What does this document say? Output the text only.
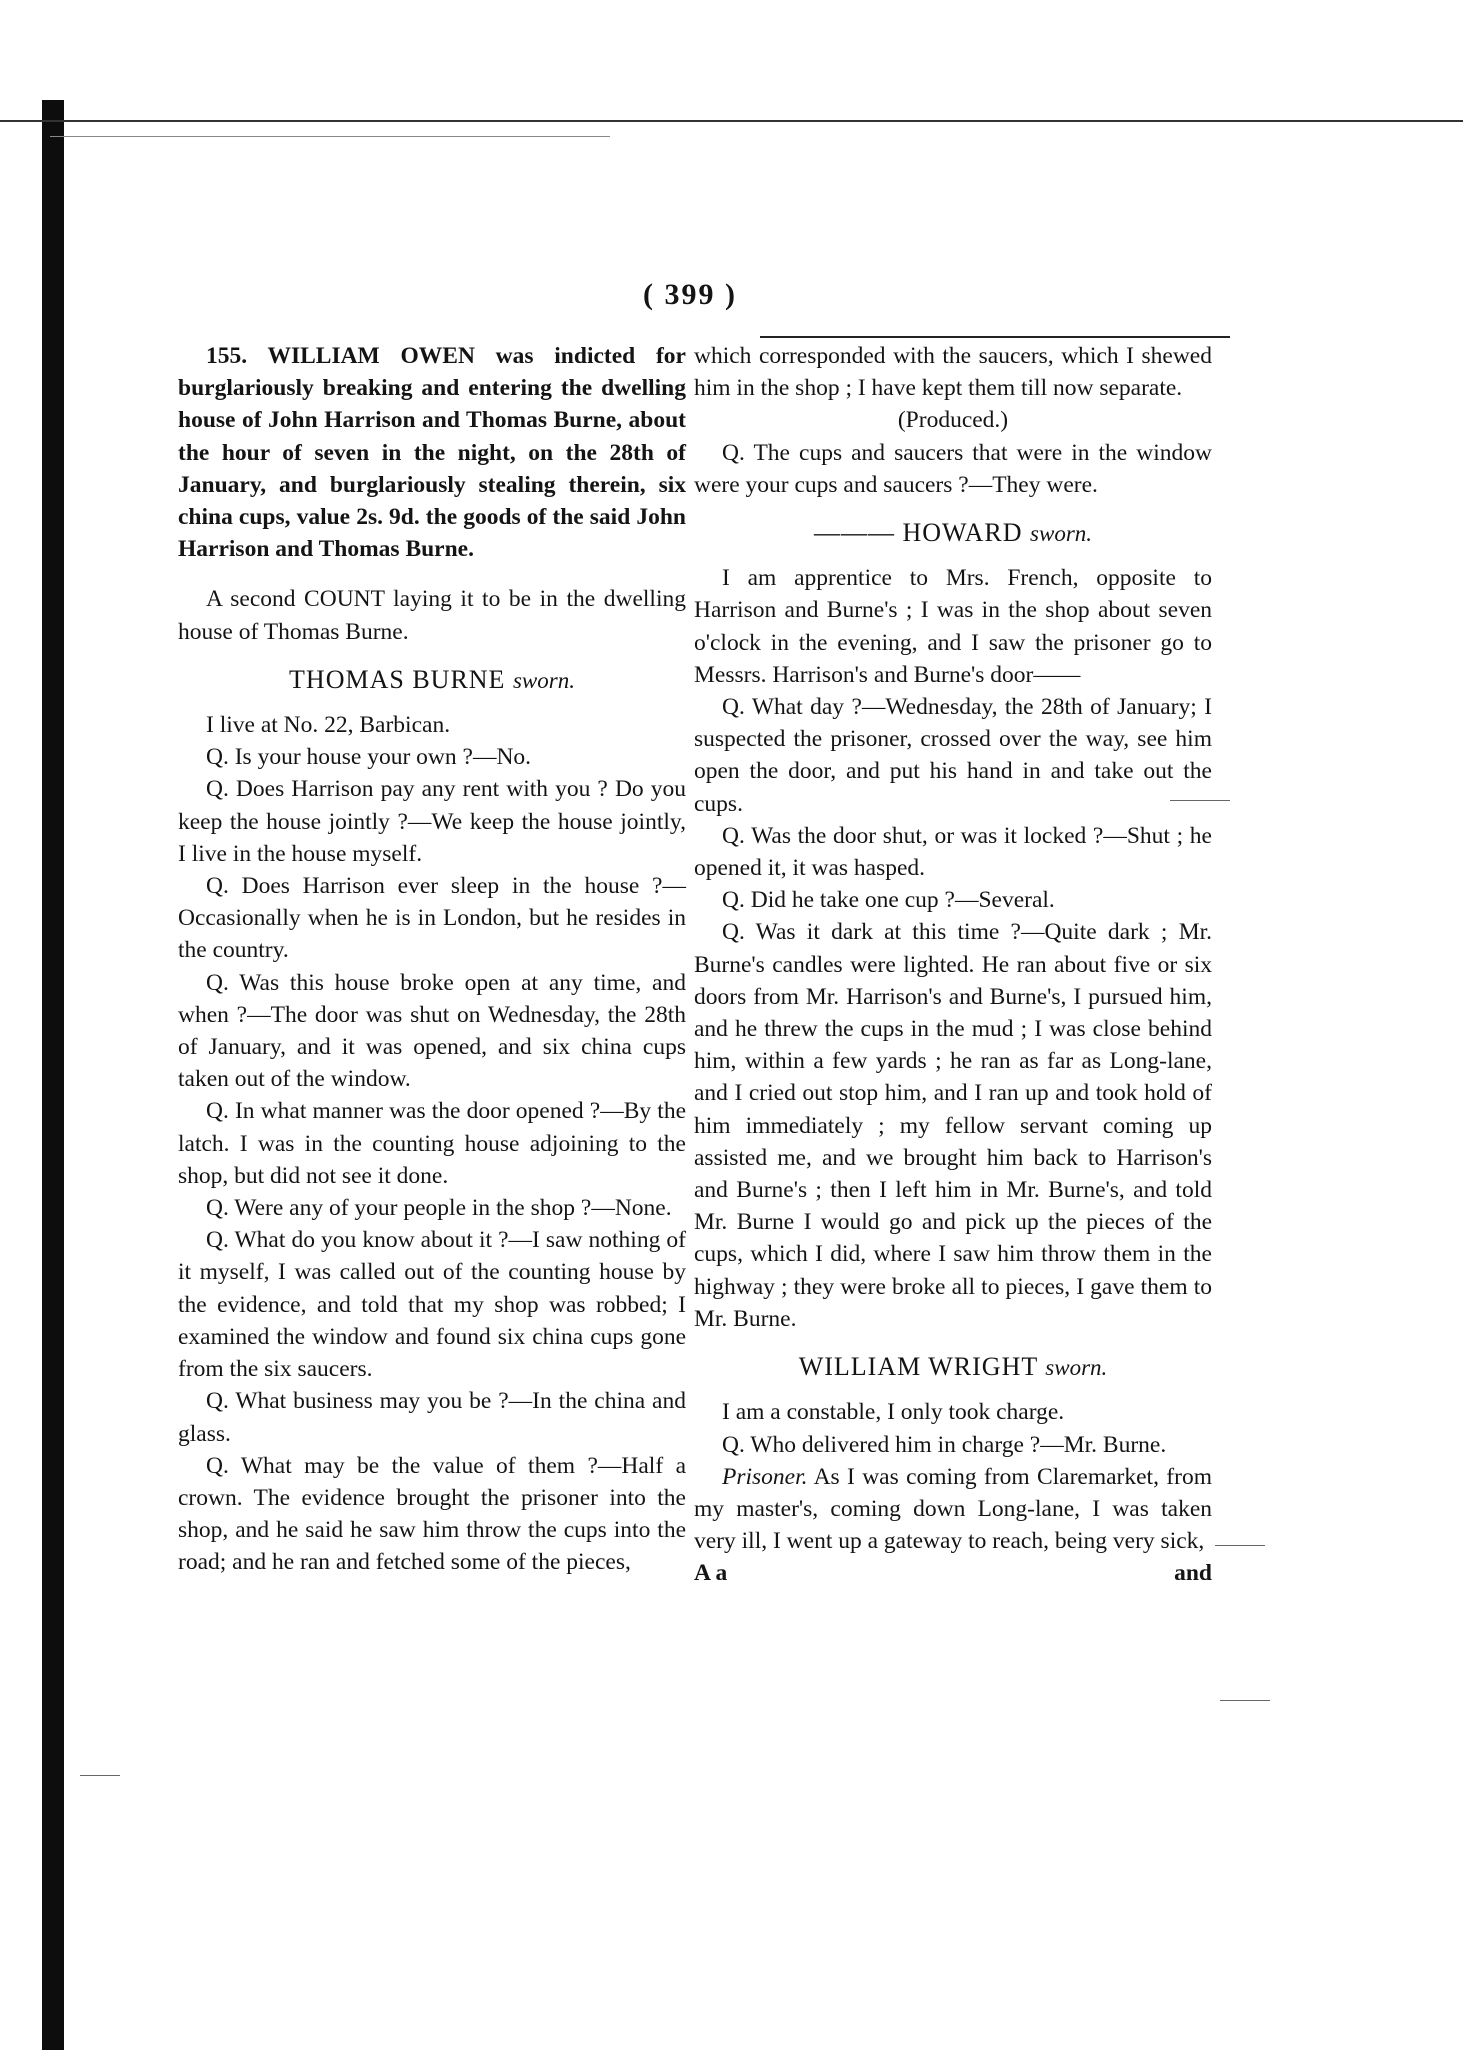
( 399 )

155. WILLIAM OWEN was indicted for burglariously breaking and entering the dwelling house of John Harrison and Thomas Burne, about the hour of seven in the night, on the 28th of January, and burglariously stealing therein, six china cups, value 2s. 9d. the goods of the said John Harrison and Thomas Burne.

A second COUNT laying it to be in the dwelling house of Thomas Burne.

THOMAS BURNE sworn.

I live at No. 22, Barbican.

Q. Is your house your own ?—No.

Q. Does Harrison pay any rent with you ? Do you keep the house jointly ?—We keep the house jointly, I live in the house myself.

Q. Does Harrison ever sleep in the house ?—Occasionally when he is in London, but he resides in the country.

Q. Was this house broke open at any time, and when ?—The door was shut on Wednesday, the 28th of January, and it was opened, and six china cups taken out of the window.

Q. In what manner was the door opened ?—By the latch. I was in the counting house adjoining to the shop, but did not see it done.

Q. Were any of your people in the shop ?—None.

Q. What do you know about it ?—I saw nothing of it myself, I was called out of the counting house by the evidence, and told that my shop was robbed; I examined the window and found six china cups gone from the six saucers.

Q. What business may you be ?—In the china and glass.

Q. What may be the value of them ?—Half a crown. The evidence brought the prisoner into the shop, and he said he saw him throw the cups into the road; and he ran and fetched some of the pieces,

which corresponded with the saucers, which I shewed him in the shop ; I have kept them till now separate.

(Produced.)

Q. The cups and saucers that were in the window were your cups and saucers ?—They were.

——— HOWARD sworn.

I am apprentice to Mrs. French, opposite to Harrison and Burne's ; I was in the shop about seven o'clock in the evening, and I saw the prisoner go to Messrs. Harrison's and Burne's door——

Q. What day ?—Wednesday, the 28th of January; I suspected the prisoner, crossed over the way, see him open the door, and put his hand in and take out the cups.

Q. Was the door shut, or was it locked ?—Shut ; he opened it, it was hasped.

Q. Did he take one cup ?—Several.

Q. Was it dark at this time ?—Quite dark ; Mr. Burne's candles were lighted. He ran about five or six doors from Mr. Harrison's and Burne's, I pursued him, and he threw the cups in the mud ; I was close behind him, within a few yards ; he ran as far as Long-lane, and I cried out stop him, and I ran up and took hold of him immediately ; my fellow servant coming up assisted me, and we brought him back to Harrison's and Burne's ; then I left him in Mr. Burne's, and told Mr. Burne I would go and pick up the pieces of the cups, which I did, where I saw him throw them in the highway ; they were broke all to pieces, I gave them to Mr. Burne.

WILLIAM WRIGHT sworn.

I am a constable, I only took charge.

Q. Who delivered him in charge ?—Mr. Burne.

Prisoner. As I was coming from Claremarket, from my master's, coming down Long-lane, I was taken very ill, I went up a gateway to reach, being very sick,

A a	and
